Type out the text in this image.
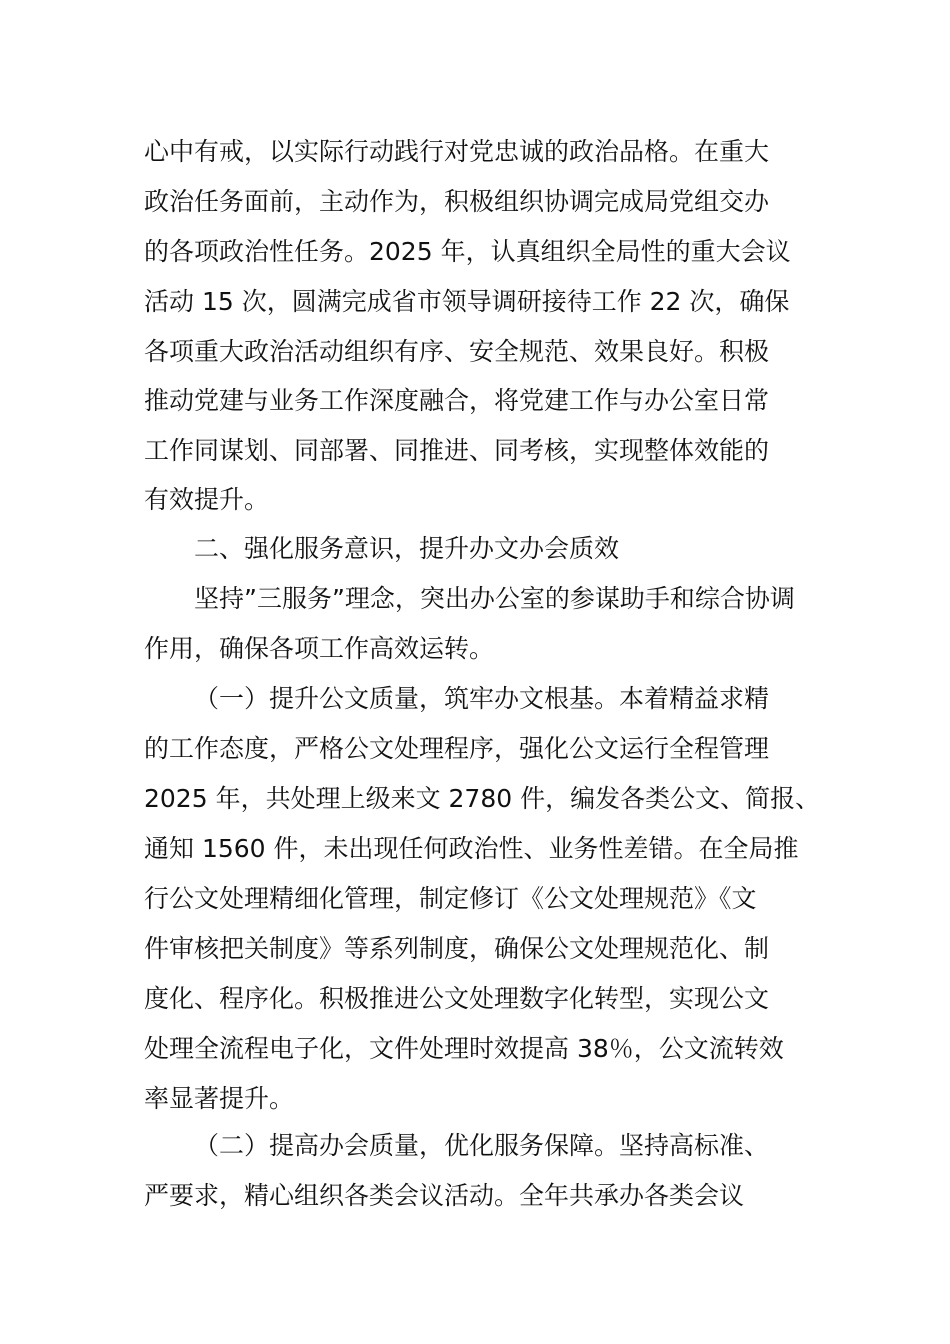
心中有戒，以实际行动践行对党忠诚的政治品格。在重大

政治任务面前，主动作为，积极组织协调完成局党组交办

的各项政治性任务。2025 年，认真组织全局性的重大会议

活动 15 次，圆满完成省市领导调研接待工作 22 次，确保

各项重大政治活动组织有序、安全规范、效果良好。积极

推动党建与业务工作深度融合，将党建工作与办公室日常

工作同谋划、同部署、同推进、同考核，实现整体效能的

有效提升。

二、强化服务意识，提升办文办会质效

坚持”三服务”理念，突出办公室的参谋助手和综合协调

作用，确保各项工作高效运转。

（一）提升公文质量，筑牢办文根基。本着精益求精

的工作态度，严格公文处理程序，强化公文运行全程管理

2025 年，共处理上级来文 2780 件，编发各类公文、简报、

通知 1560 件，未出现任何政治性、业务性差错。在全局推

行公文处理精细化管理，制定修订《公文处理规范》《文

件审核把关制度》等系列制度，确保公文处理规范化、制

度化、程序化。积极推进公文处理数字化转型，实现公文

处理全流程电子化，文件处理时效提高 38％，公文流转效

率显著提升。

（二）提高办会质量，优化服务保障。坚持高标准、

严要求，精心组织各类会议活动。全年共承办各类会议
